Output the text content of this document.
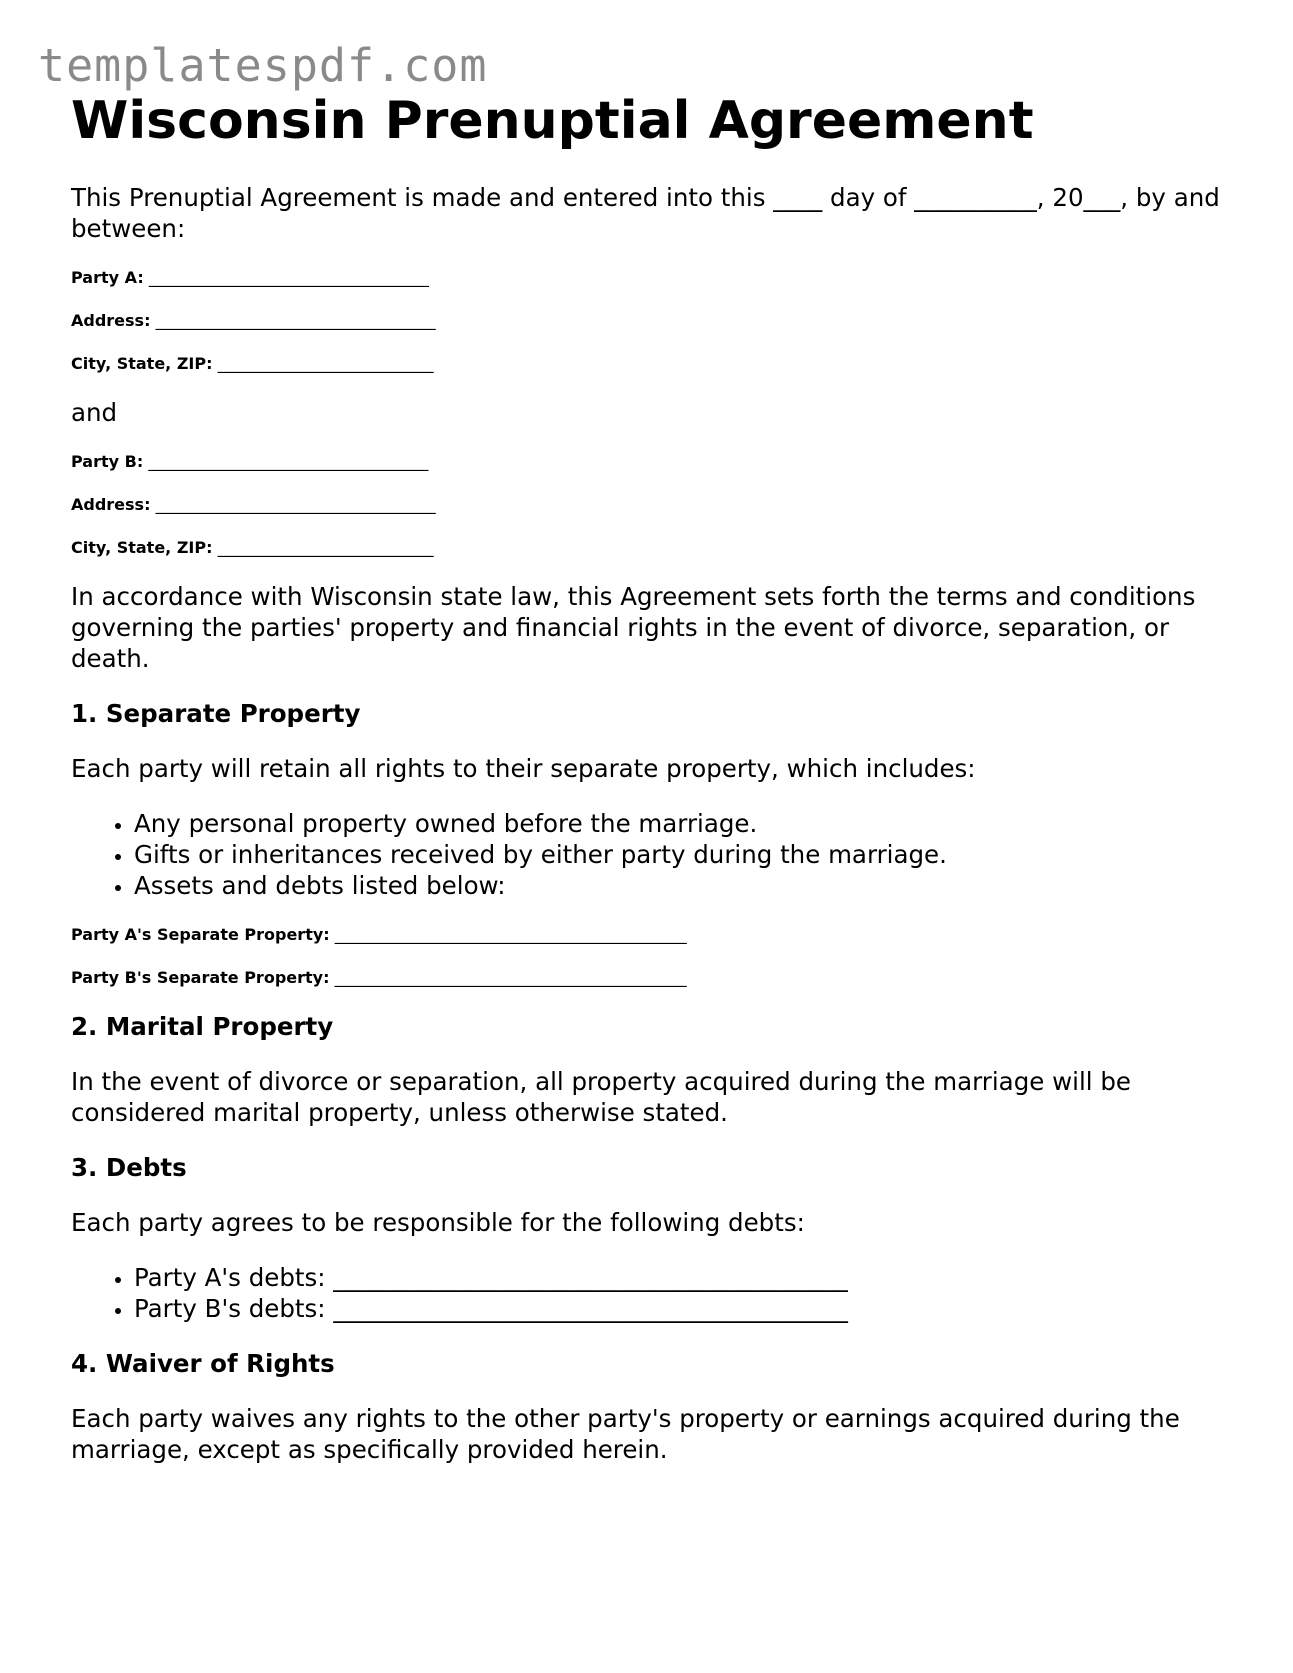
templatespdf.com
Wisconsin Prenuptial Agreement

This Prenuptial Agreement is made and entered into this ____ day of __________, 20___, by and between:

Party A: ___________________________________
Address: ___________________________________
City, State, ZIP: ___________________________

and

Party B: ___________________________________
Address: ___________________________________
City, State, ZIP: ___________________________

In accordance with Wisconsin state law, this Agreement sets forth the terms and conditions governing the parties' property and financial rights in the event of divorce, separation, or death.

1. Separate Property

Each party will retain all rights to their separate property, which includes:

• Any personal property owned before the marriage.
• Gifts or inheritances received by either party during the marriage.
• Assets and debts listed below:
Party A's Separate Property: ____________________________________________
Party B's Separate Property: ____________________________________________
2. Marital Property

In the event of divorce or separation, all property acquired during the marriage will be considered marital property, unless otherwise stated.

3. Debts

Each party agrees to be responsible for the following debts:

• Party A's debts: __________________________________________
• Party B's debts: __________________________________________
4. Waiver of Rights

Each party waives any rights to the other party's property or earnings acquired during the marriage, except as specifically provided herein.
